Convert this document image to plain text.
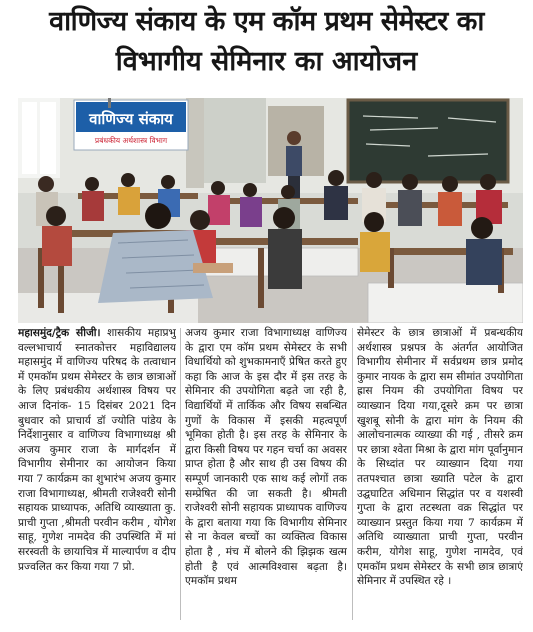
वाणिज्य संकाय के एम कॉम प्रथम सेमेस्टर का
विभागीय सेमिनार का आयोजन
वाणिज्य संकाय
प्रबंधकीय अर्थशास्त्र विभाग
महासमुंद/ट्रैक सीजी। शासकीय महाप्रभु वल्लभाचार्य स्नातकोत्तर महाविद्यालय महासमुंद में वाणिज्य परिषद के तत्वाधान में एमकॉम प्रथम सेमेस्टर के छात्र छात्राओं के लिए प्रबंधकीय अर्थशास्त्र विषय पर आज दिनांक- 15 दिसंबर 2021 दिन बुधवार को प्राचार्य डॉ ज्योति पांडेय के निर्देशानुसार व वाणिज्य विभागाध्यक्ष श्री अजय कुमार राजा के मार्गदर्शन में विभागीय सेमीनार का आयोजन किया गया 7 कार्यक्रम का शुभारंभ अजय कुमार राजा विभागाध्यक्ष, श्रीमती राजेश्वरी सोनी सहायक प्राध्यापक, अतिथि व्याख्याता कु. प्राची गुप्ता ,श्रीमती परवीन करीम , योगेश साहू, गुणेश नामदेव की उपस्थिति में मां सरस्वती के छायाचित्र में माल्यार्पण व दीप प्रज्वलित कर किया गया 7 प्रो.
अजय कुमार राजा विभागाध्यक्ष वाणिज्य के द्वारा एम कॉम प्रथम सेमेस्टर के सभी विधार्थियो को शुभकामनाएँ प्रेषित करते हुए कहा कि आज के इस दौर में इस तरह के सेमिनार की उपयोगिता बढ़ते जा रही है, विद्यार्थियों में तार्किक और विषय सबन्धित गुणों के विकास में इसकी महत्वपूर्ण भूमिका होती है। इस तरह के सेमिनार के द्वारा किसी विषय पर गहन चर्चा का अवसर प्राप्त होता है और साथ ही उस विषय की सम्पूर्ण जानकारी एक साथ कई लोगों तक सम्प्रेषित की जा सकती है। श्रीमती राजेश्वरी सोनी सहायक प्राध्यापक वाणिज्य के द्वारा बताया गया कि विभागीय सेमिनार से ना केवल बच्चों का व्यक्तित्व विकास होता है , मंच में बोलने की झिझक खत्म होती है एवं आत्मविश्वास बढ़ता है। एमकॉम प्रथम
सेमेस्टर के छात्र छात्राओं में प्रबन्धकीय अर्थशास्त्र प्रश्नपत्र के अंतर्गत आयोजित विभागीय सेमीनार में सर्वप्रथम छात्र प्रमोद कुमार नायक के द्वारा सम सीमांत उपयोगिता ह्रास नियम की उपयोगिता विषय पर व्याख्यान दिया गया,दूसरे क्रम पर छात्रा खुशबू सोनी के द्वारा मांग के नियम की आलोचनात्मक व्याख्या की गई , तीसरे क्रम पर छात्रा श्वेता मिश्रा के द्वारा मांग पूर्वानुमान के सिध्दांत पर व्याख्यान दिया गया ततपश्चात छात्रा ख्याति पटेल के द्वारा उद्घघाटित अधिमान सिद्धांत पर व यशस्वी गुप्ता के द्वारा तटस्थता वक्र सिद्धांत पर व्याख्यान प्रस्तुत किया गया 7 कार्यक्रम में अतिथि व्याख्याता प्राची गुप्ता, परवीन करीम, योगेश साहू, गुणेश नामदेव, एवं एमकॉम प्रथम सेमेस्टर के सभी छात्र छात्राएं सेमिनार में उपस्थित रहे ।
